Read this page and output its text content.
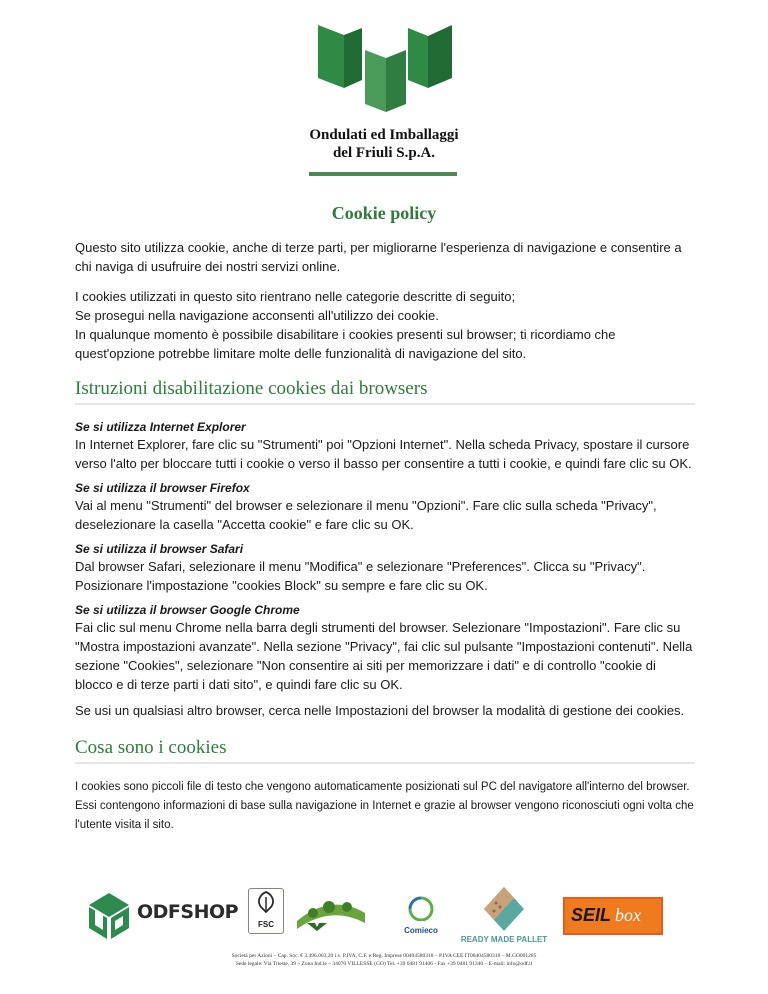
Ondulati ed Imballaggi
del Friuli S.p.A.
Cookie policy

Questo sito utilizza cookie, anche di terze parti, per migliorarne l'esperienza di navigazione e consentire a chi naviga di usufruire dei nostri servizi online.

I cookies utilizzati in questo sito rientrano nelle categorie descritte di seguito;
Se prosegui nella navigazione acconsenti all'utilizzo dei cookie.
In qualunque momento è possibile disabilitare i cookies presenti sul browser; ti ricordiamo che quest'opzione potrebbe limitare molte delle funzionalità di navigazione del sito.
Istruzioni disabilitazione cookies dai browsers
Se si utilizza Internet Explorer
In Internet Explorer, fare clic su "Strumenti" poi "Opzioni Internet". Nella scheda Privacy, spostare il cursore verso l'alto per bloccare tutti i cookie o verso il basso per consentire a tutti i cookie, e quindi fare clic su OK.
Se si utilizza il browser Firefox
Vai al menu "Strumenti" del browser e selezionare il menu "Opzioni". Fare clic sulla scheda "Privacy", deselezionare la casella "Accetta cookie" e fare clic su OK.
Se si utilizza il browser Safari
Dal browser Safari, selezionare il menu "Modifica" e selezionare "Preferences". Clicca su "Privacy". Posizionare l'impostazione "cookies Block" su sempre e fare clic su OK.
Se si utilizza il browser Google Chrome
Fai clic sul menu Chrome nella barra degli strumenti del browser. Selezionare "Impostazioni". Fare clic su "Mostra impostazioni avanzate". Nella sezione "Privacy", fai clic sul pulsante "Impostazioni contenuti". Nella sezione "Cookies", selezionare "Non consentire ai siti per memorizzare i dati" e di controllo "cookie di blocco e di terze parti i dati sito", e quindi fare clic su OK.

Se usi un qualsiasi altro browser, cerca nelle Impostazioni del browser la modalità di gestione dei cookies.

Cosa sono i cookies

I cookies sono piccoli file di testo che vengono automaticamente posizionati sul PC del navigatore all'interno del browser. Essi contengono informazioni di base sulla navigazione in Internet e grazie al browser vengono riconosciuti ogni volta che l'utente visita il sito.

ODFSHOP
FSC
Comieco
READY MADE PALLET
SEIL box
Società per Azioni – Cap. Soc. € 3.496.003,20 i.v. P.IVA, C.F. e Reg. Imprese 00404580318 – P.IVA CEE IT00404580318 – M.GO001285
Sede legale: Via Trieste, 39 – Zona Ind.le – 34070 VILLESSE (GO) Tel. +39 0481 91406 - Fax +39 0481 91340 – E-mail: info@odf.it
